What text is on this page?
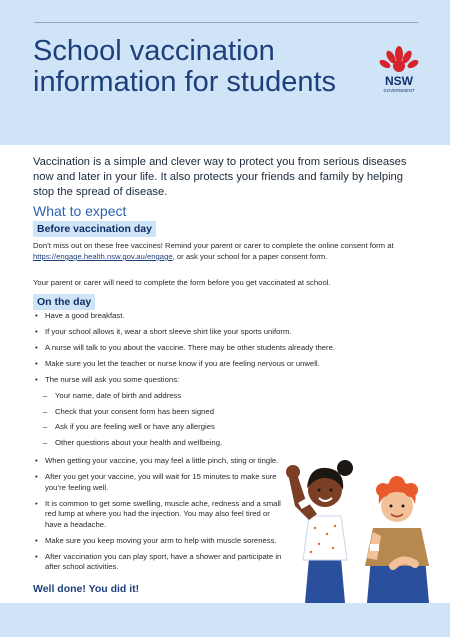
School vaccination information for students	NSW
GOVERNMENT
Vaccination is a simple and clever way to protect you from serious diseases now and later in your life. It also protects your friends and family by helping stop the spread of disease.
What to expect
Before vaccination day
Don’t miss out on these free vaccines! Remind your parent or carer to complete the online consent form at https://engage.health.nsw.gov.au/engage, or ask your school for a paper consent form.
Your parent or carer will need to complete the form before you get vaccinated at school.
On the day
• Have a good breakfast.
• If your school allows it, wear a short sleeve shirt like your sports uniform.
• A nurse will talk to you about the vaccine. There may be other students already there.
• Make sure you let the teacher or nurse know if you are feeling nervous or unwell.
• The nurse will ask you some questions:
– Your name, date of birth and address
– Check that your consent form has been signed
– Ask if you are feeling well or have any allergies
– Other questions about your health and wellbeing.
• When getting your vaccine, you may feel a little pinch, sting or tingle.
• After you get your vaccine, you will wait for 15 minutes to make sure you’re feeling well.
• It is common to get some swelling, muscle ache, redness and a small red lump at where you had the injection. You may also feel tired or have a headache.
• Make sure you keep moving your arm to help with muscle soreness.
• After vaccination you can play sport, have a shower and participate in after school activities.
Well done! You did it!
